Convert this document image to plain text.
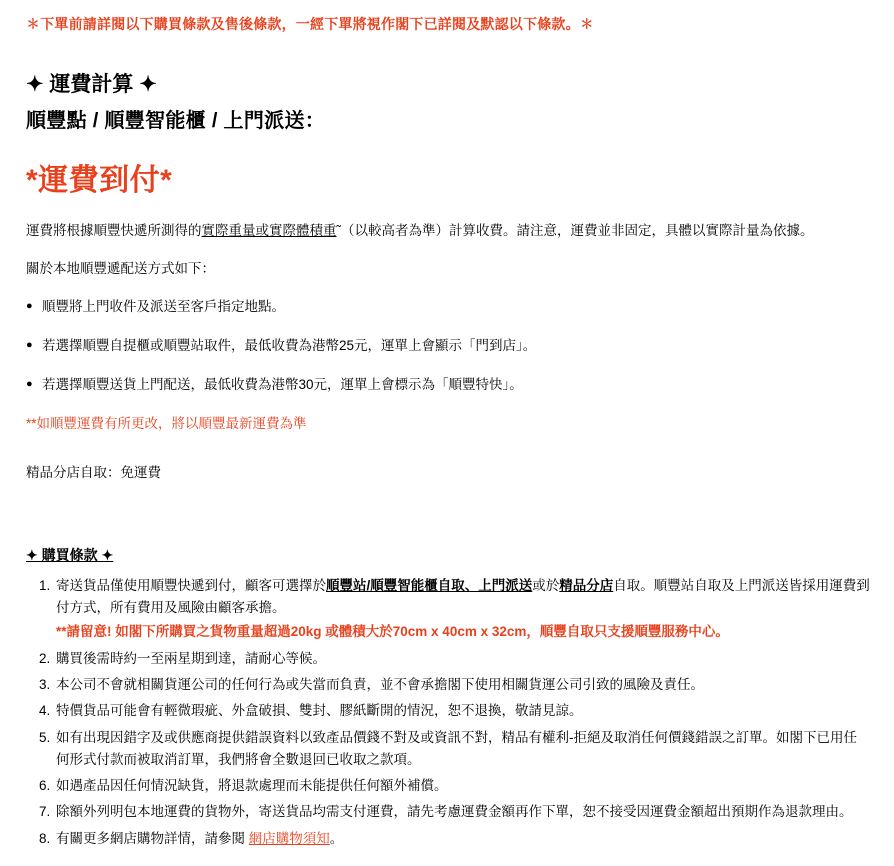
✽下單前請詳閱以下購買條款及售後條款，一經下單將視作閣下已詳閱及默認以下條款。✽
✦ 運費計算 ✦
順豐點 / 順豐智能櫃 / 上門派送：
*運費到付*

運費將根據順豐快遞所測得的實際重量或實際體積重˜（以較高者為準）計算收費。請注意，運費並非固定，具體以實際計量為依據。

關於本地順豐遞配送方式如下：

● 順豐將上門收件及派送至客戶指定地點。
● 若選擇順豐自提櫃或順豐站取件，最低收費為港幣25元，運單上會顯示「門到店」。
● 若選擇順豐送貨上門配送，最低收費為港幣30元，運單上會標示為「順豐特快」。
**如順豐運費有所更改，將以順豐最新運費為準
精品分店自取：免運費
✦ 購買條款 ✦
1. 寄送貨品僅使用順豐快遞到付，顧客可選擇於順豐站/順豐智能櫃自取、上門派送或於精品分店自取。順豐站自取及上門派送皆採用運費到付方式，所有費用及風險由顧客承擔。
**請留意! 如閣下所購買之貨物重量超過20kg 或體積大於70cm x 40cm x 32cm，順豐自取只支援順豐服務中心。
2. 購買後需時約一至兩星期到達，請耐心等候。
3. 本公司不會就相關貨運公司的任何行為或失當而負責，並不會承擔閣下使用相關貨運公司引致的風險及責任。
4. 特價貨品可能會有輕微瑕疵、外盒破損、雙封、膠紙斷開的情況，恕不退換，敬請見諒。
5. 如有出現因錯字及或供應商提供錯誤資料以致產品價錢不對及或資訊不對，精品有權利-拒絕及取消任何價錢錯誤之訂單。如閣下已用任何形式付款而被取消訂單，我們將會全數退回已收取之款項。
6. 如遇產品因任何情況缺貨，將退款處理而未能提供任何額外補償。
7. 除額外列明包本地運費的貨物外，寄送貨品均需支付運費，請先考慮運費金額再作下單，恕不接受因運費金額超出預期作為退款理由。
8. 有關更多網店購物詳情，請參閱 網店購物須知。
